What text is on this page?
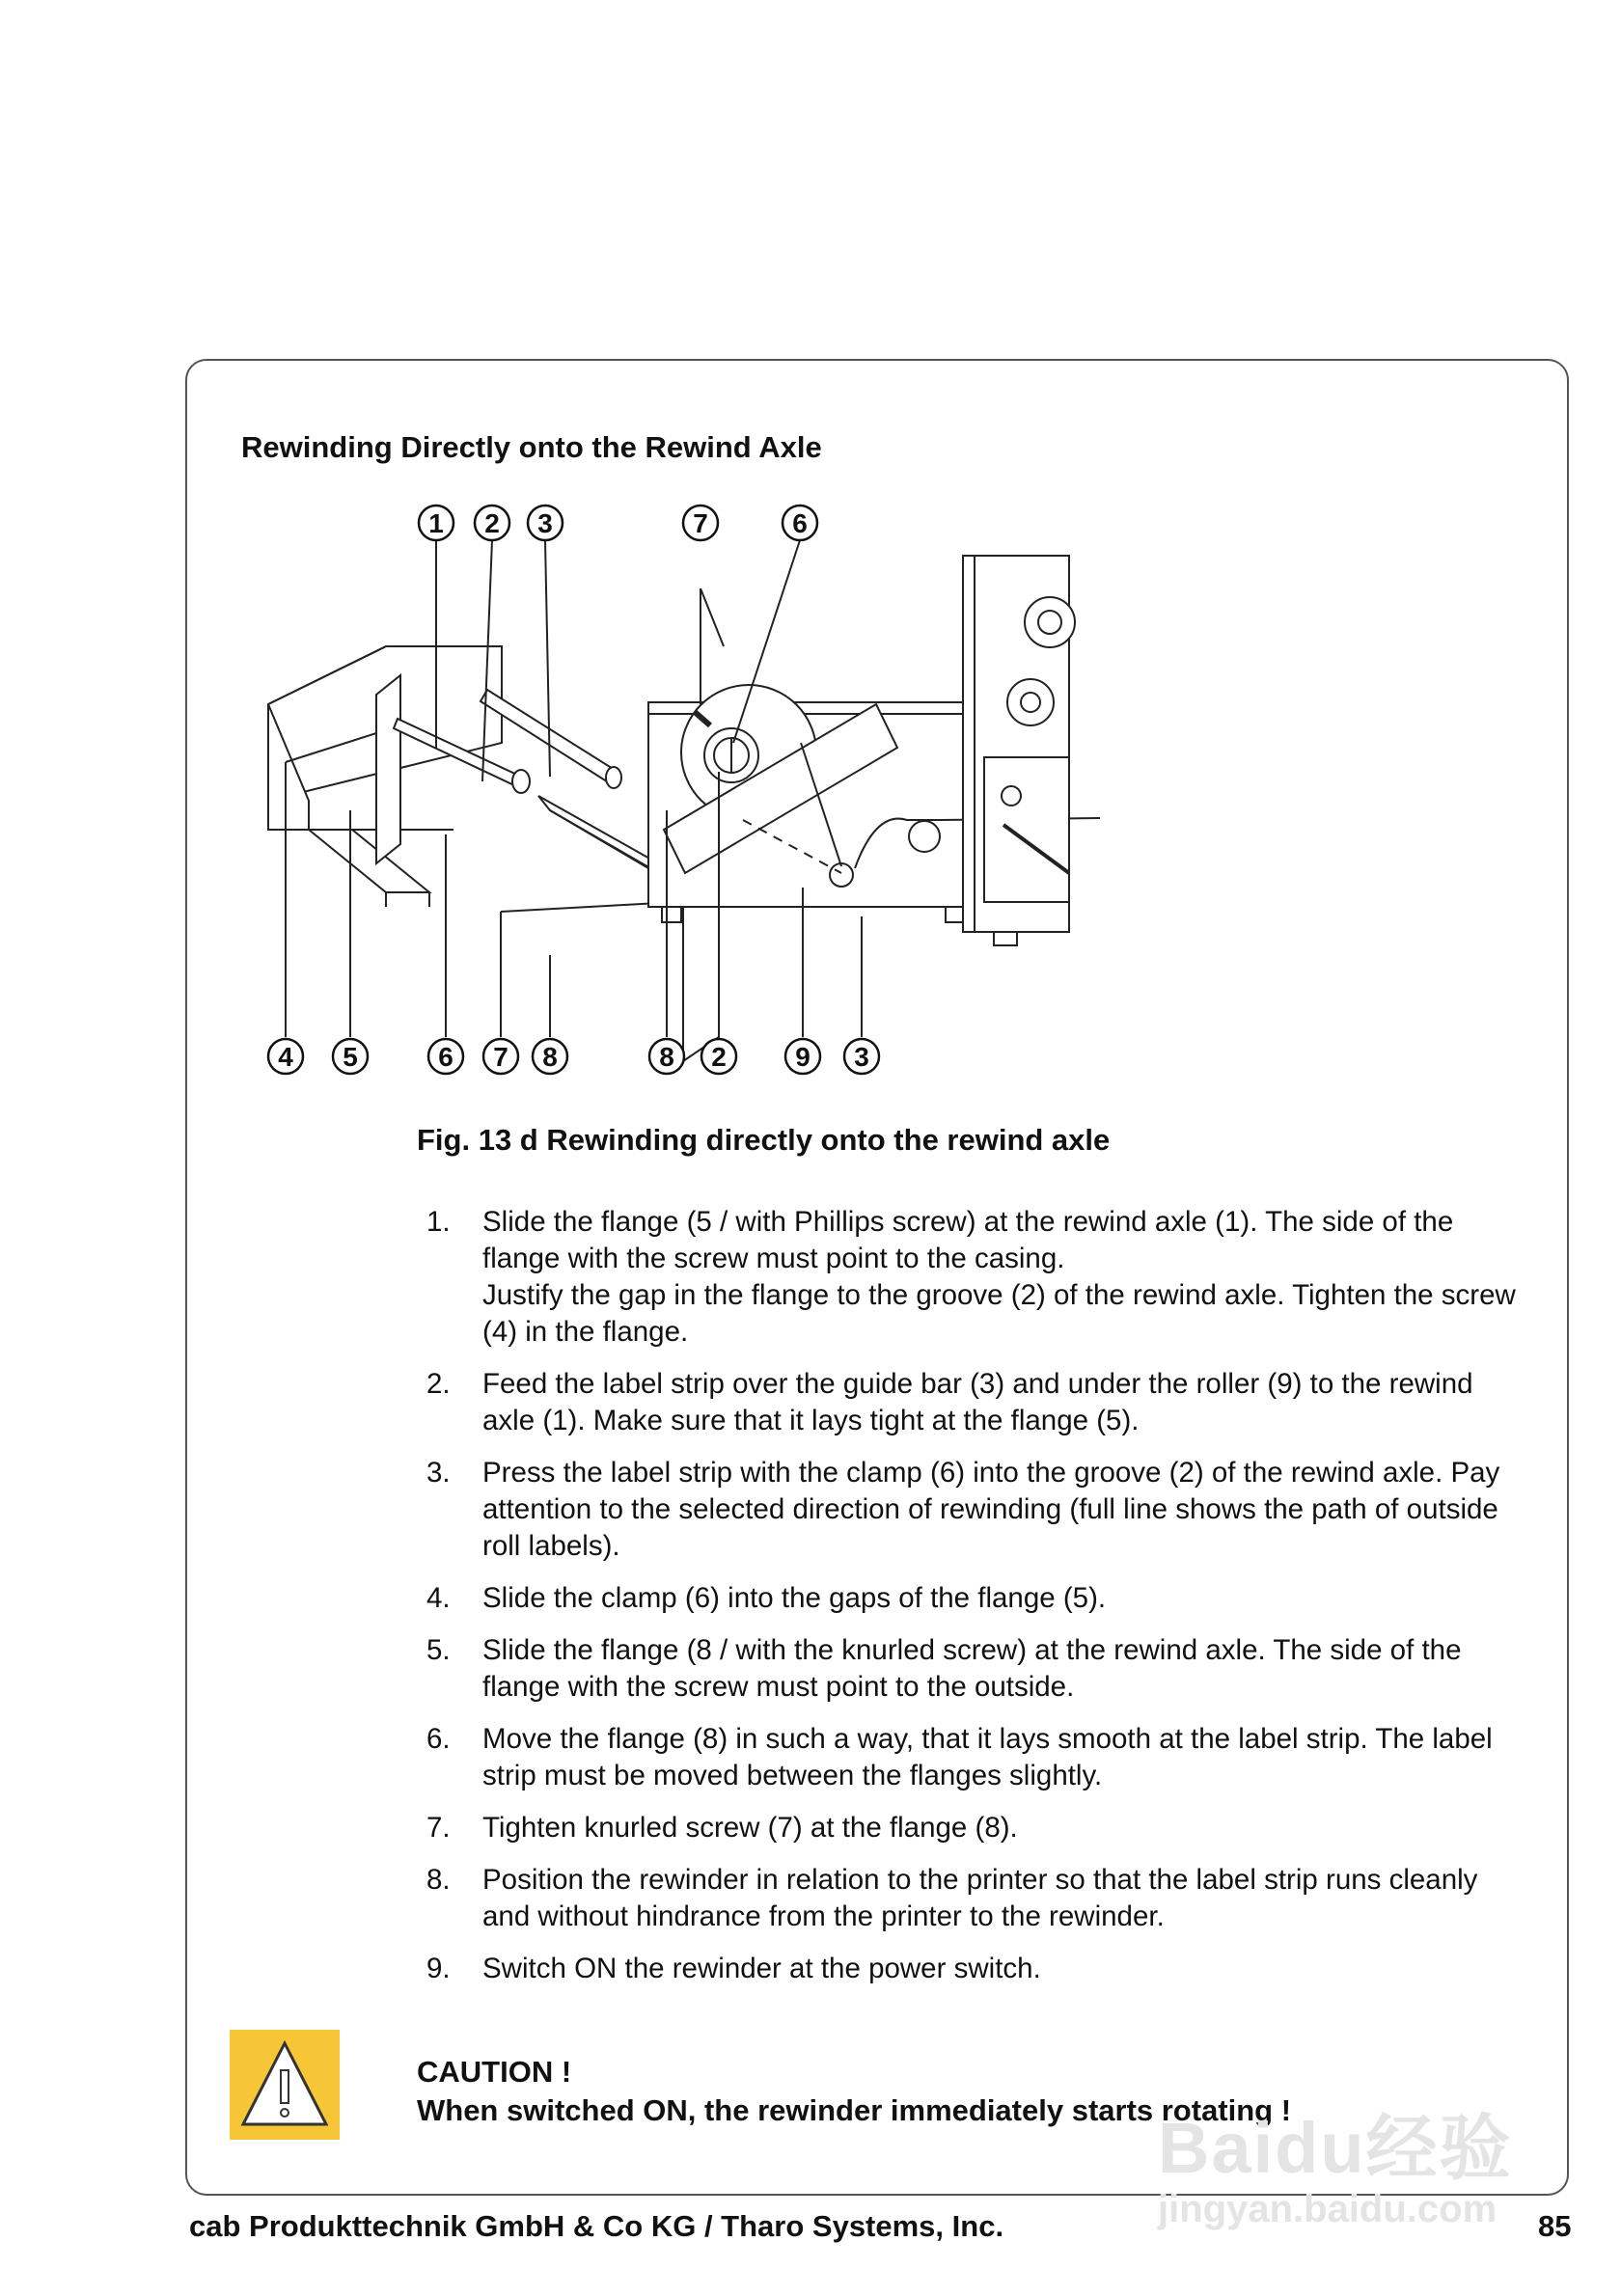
Rewinding Directly onto the Rewind Axle
1 2 3
4 5	6 7 8
7	6
8 2	9 3
Fig. 13 d Rewinding directly onto the rewind axle
1. Slide the flange (5 / with Phillips screw) at the rewind axle (1). The side of the flange with the screw must point to the casing.
Justify the gap in the flange to the groove (2) of the rewind axle. Tighten the screw (4) in the flange.
2. Feed the label strip over the guide bar (3) and under the roller (9) to the rewind axle (1). Make sure that it lays tight at the flange (5).
3. Press the label strip with the clamp (6) into the groove (2) of the rewind axle. Pay attention to the selected direction of rewinding (full line shows the path of outside roll labels).
4. Slide the clamp (6) into the gaps of the flange (5).
5. Slide the flange (8 / with the knurled screw) at the rewind axle. The side of the flange with the screw must point to the outside.
6. Move the flange (8) in such a way, that it lays smooth at the label strip. The label strip must be moved between the flanges slightly.
7. Tighten knurled screw (7) at the flange (8).
8. Position the rewinder in relation to the printer so that the label strip runs cleanly and without hindrance from the printer to the rewinder.
9. Switch ON the rewinder at the power switch.
CAUTION !
When switched ON, the rewinder immediately starts rotating !
Baidu经验
jingyan.baidu.com
cab Produkttechnik GmbH & Co KG / Tharo Systems, Inc.	85
